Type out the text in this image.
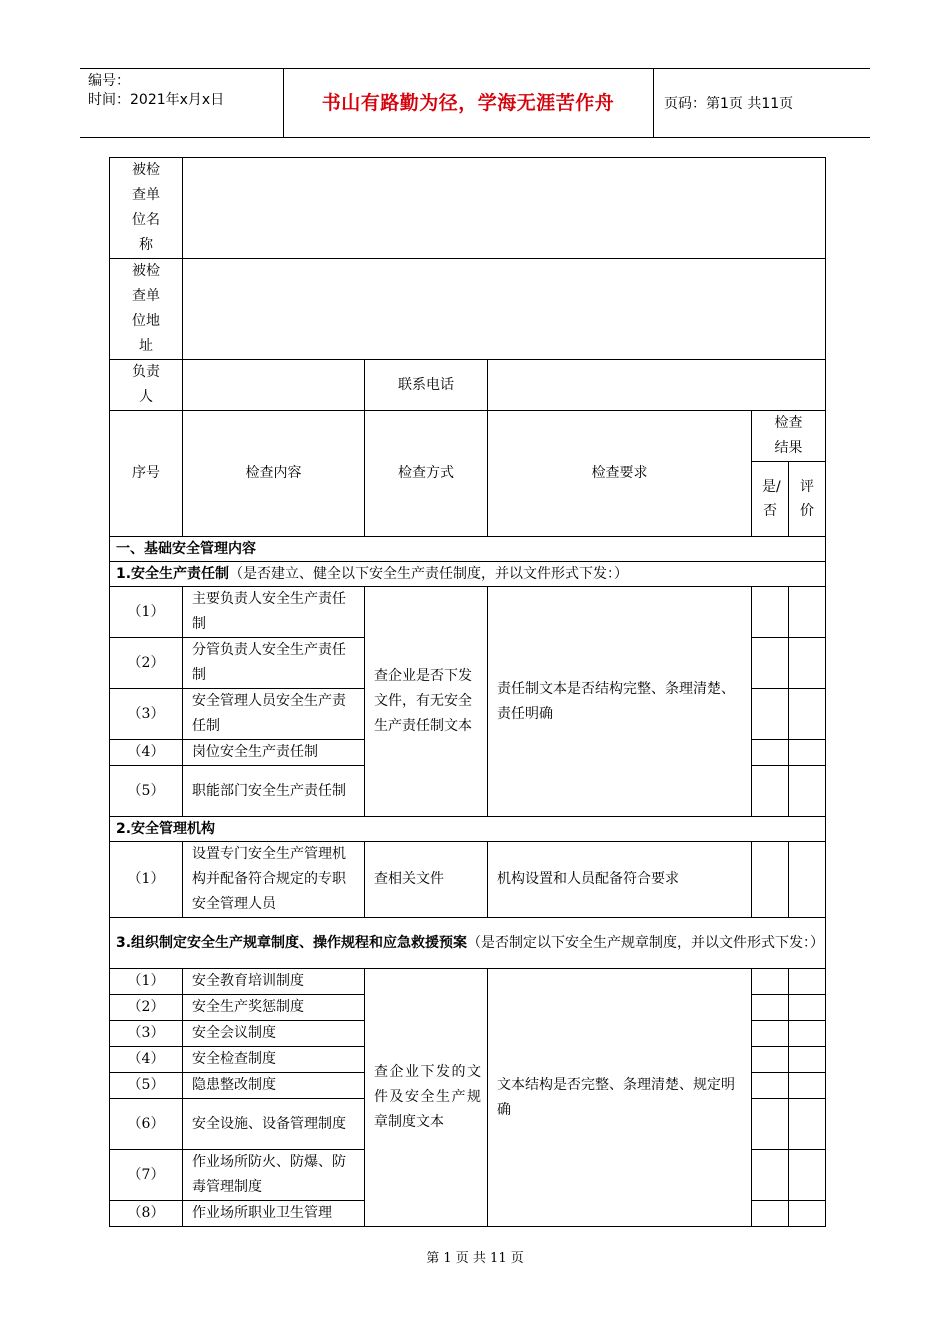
编号：
时间：2021年x月x日	书山有路勤为径，学海无涯苦作舟	页码：第1页 共11页
被检查单位名称					

被检查单位地址					

负责人		联系电话			
序号	检查内容	检查方式	检查要求	检查结果	

				是/否	评价

一、基础安全管理内容					
1.安全生产责任制（是否建立、健全以下安全生产责任制度，并以文件形式下发：）					
（1）	主要负责人安全生产责任制	查企业是否下发文件，有无安全生产责任制文本	责任制文本是否结构完整、条理清楚、责任明确		
（2）	分管负责人安全生产责任制				
（3）	安全管理人员安全生产责任制				
（4）	岗位安全生产责任制				
（5）	职能部门安全生产责任制				
2.安全管理机构					
（1）	设置专门安全生产管理机构并配备符合规定的专职安全管理人员	查相关文件	机构设置和人员配备符合要求		
3.组织制定安全生产规章制度、操作规程和应急救援预案（是否制定以下安全生产规章制度，并以文件形式下发：）					
（1）	安全教育培训制度	查企业下发的文件及安全生产规章制度文本	文本结构是否完整、条理清楚、规定明确		
（2）	安全生产奖惩制度				
（3）	安全会议制度				
（4）	安全检查制度				
（5）	隐患整改制度				
（6）	安全设施、设备管理制度				
（7）	作业场所防火、防爆、防毒管理制度				
（8）	作业场所职业卫生管理				
第 1 页 共 11 页
